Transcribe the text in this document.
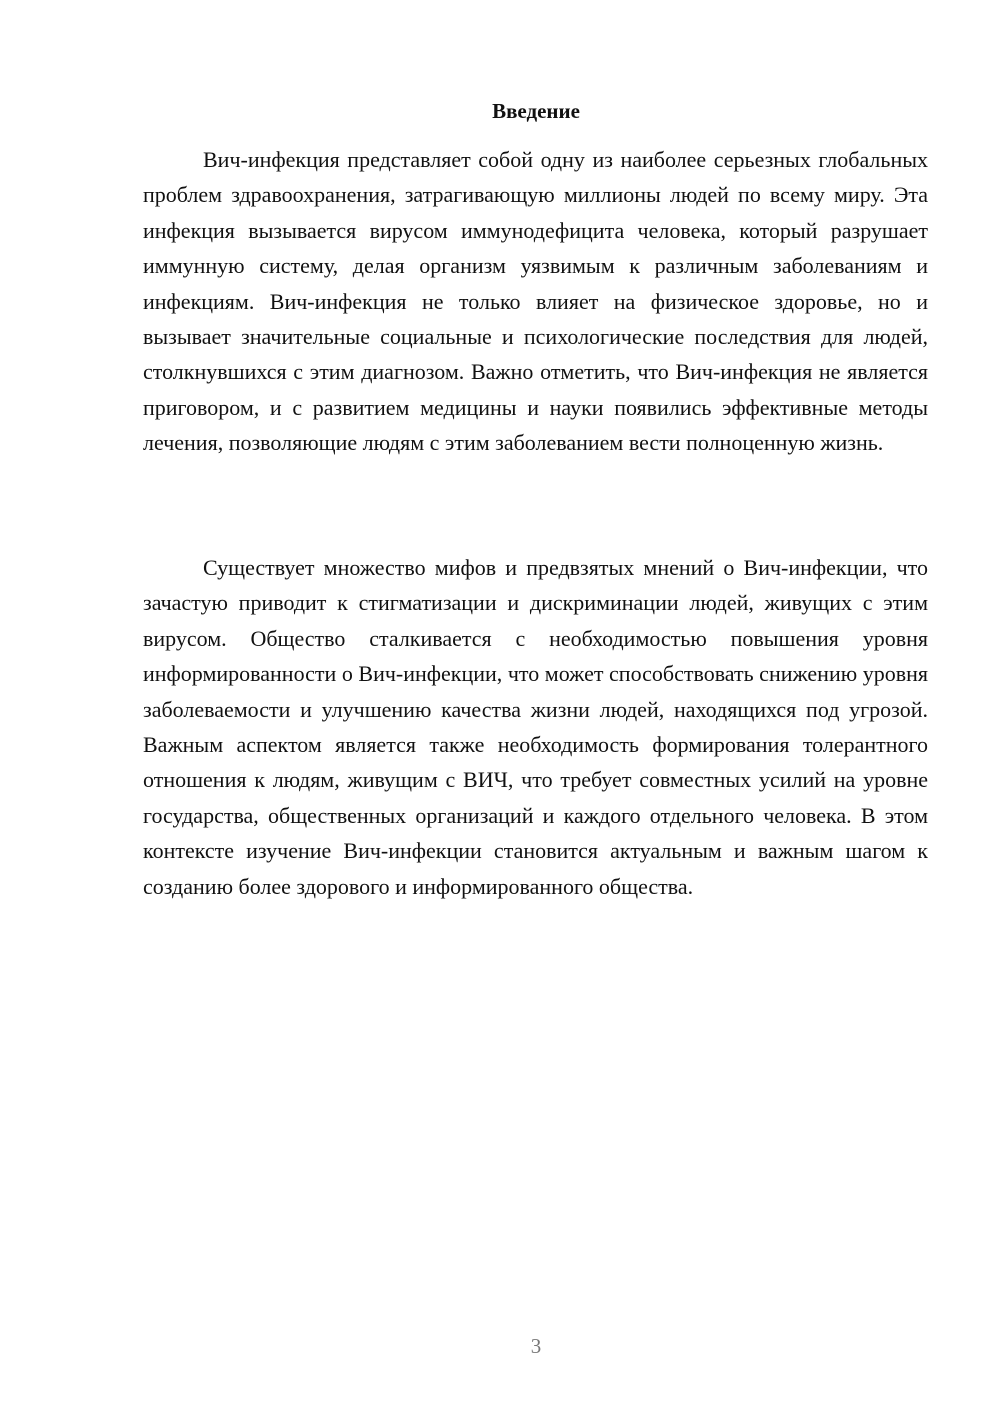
Введение

Вич-инфекция представляет собой одну из наиболее серьезных глобальных проблем здравоохранения, затрагивающую миллионы людей по всему миру. Эта инфекция вызывается вирусом иммунодефицита человека, который разрушает иммунную систему, делая организм уязвимым к различным заболеваниям и инфекциям. Вич-инфекция не только влияет на физическое здоровье, но и вызывает значительные социальные и психологические последствия для людей, столкнувшихся с этим диагнозом. Важно отметить, что Вич-инфекция не является приговором, и с развитием медицины и науки появились эффективные методы лечения, позволяющие людям с этим заболеванием вести полноценную жизнь.

Существует множество мифов и предвзятых мнений о Вич-инфекции, что зачастую приводит к стигматизации и дискриминации людей, живущих с этим вирусом. Общество сталкивается с необходимостью повышения уровня информированности о Вич-инфекции, что может способствовать снижению уровня заболеваемости и улучшению качества жизни людей, находящихся под угрозой. Важным аспектом является также необходимость формирования толерантного отношения к людям, живущим с ВИЧ, что требует совместных усилий на уровне государства, общественных организаций и каждого отдельного человека. В этом контексте изучение Вич-инфекции становится актуальным и важным шагом к созданию более здорового и информированного общества.

3
